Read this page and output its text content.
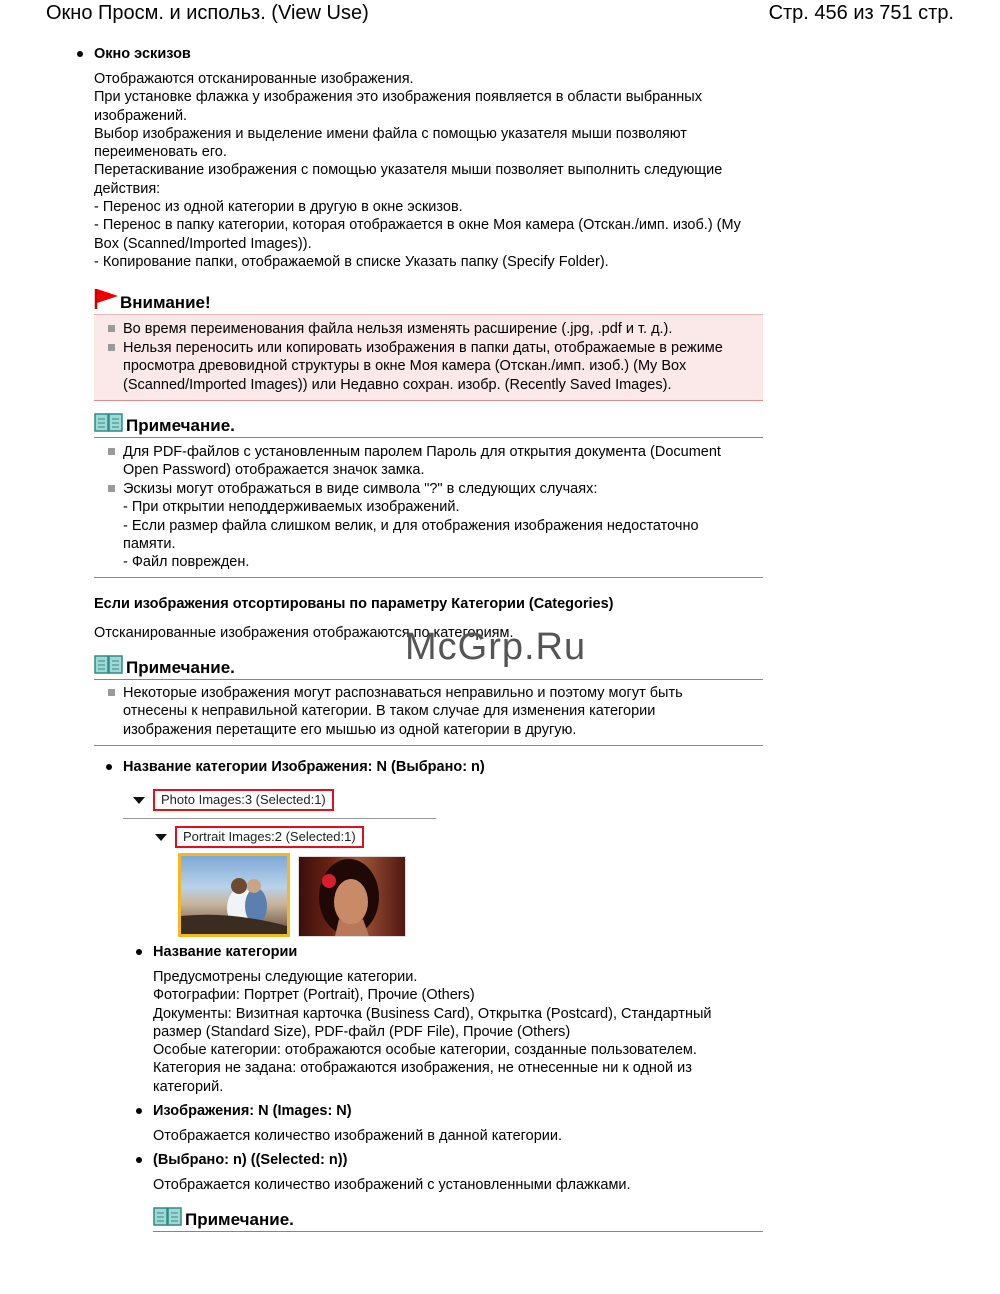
Окно Просм. и использ. (View Use)	Стр. 456 из 751 стр.
Окно эскизов
Отображаются отсканированные изображения.
При установке флажка у изображения это изображения появляется в области выбранных
изображений.
Выбор изображения и выделение имени файла с помощью указателя мыши позволяют
переименовать его.
Перетаскивание изображения с помощью указателя мыши позволяет выполнить следующие
действия:
- Перенос из одной категории в другую в окне эскизов.
- Перенос в папку категории, которая отображается в окне Моя камера (Отскан./имп. изоб.) (My
Box (Scanned/Imported Images)).
- Копирование папки, отображаемой в списке Указать папку (Specify Folder).
Внимание!
Во время переименования файла нельзя изменять расширение (.jpg, .pdf и т. д.).
Нельзя переносить или копировать изображения в папки даты, отображаемые в режиме
просмотра древовидной структуры в окне Моя камера (Отскан./имп. изоб.) (My Box
(Scanned/Imported Images)) или Недавно сохран. изобр. (Recently Saved Images).
Примечание.
Для PDF-файлов с установленным паролем Пароль для открытия документа (Document
Open Password) отображается значок замка.
Эскизы могут отображаться в виде символа "?" в следующих случаях:
- При открытии неподдерживаемых изображений.
- Если размер файла слишком велик, и для отображения изображения недостаточно
памяти.
- Файл поврежден.
Если изображения отсортированы по параметру Категории (Categories)
Отсканированные изображения отображаются по категориям.
McGrp.Ru
Примечание.
Некоторые изображения могут распознаваться неправильно и поэтому могут быть
отнесены к неправильной категории. В таком случае для изменения категории
изображения перетащите его мышью из одной категории в другую.
Название категории Изображения: N (Выбрано: n)
Photo Images:3 (Selected:1)
Portrait Images:2 (Selected:1)
Название категории
Предусмотрены следующие категории.
Фотографии: Портрет (Portrait), Прочие (Others)
Документы: Визитная карточка (Business Card), Открытка (Postcard), Стандартный
размер (Standard Size), PDF-файл (PDF File), Прочие (Others)
Особые категории: отображаются особые категории, созданные пользователем.
Категория не задана: отображаются изображения, не отнесенные ни к одной из
категорий.
Изображения: N (Images: N)
Отображается количество изображений в данной категории.
(Выбрано: n) ((Selected: n))
Отображается количество изображений с установленными флажками.
Примечание.
